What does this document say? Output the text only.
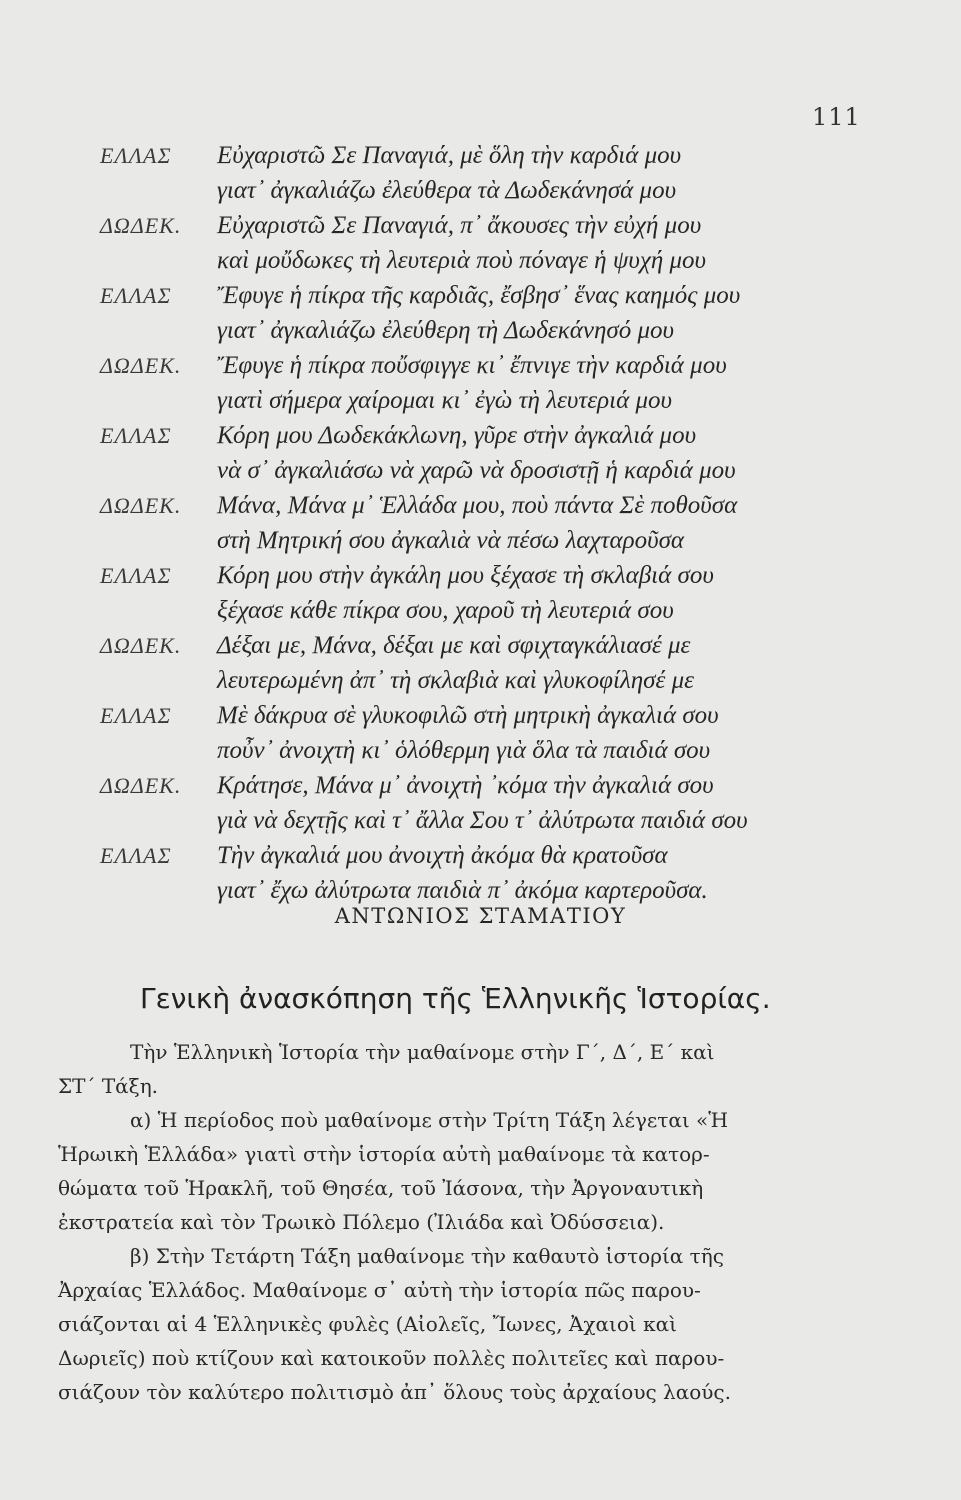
111
ΕΛΛΑΣ	Εὐχαριστῶ Σε Παναγιά, μὲ ὅλη τὴν καρδιά μου
γιατ᾽ ἀγκαλιάζω ἐλεύθερα τὰ Δωδεκάνησά μου
ΔΩΔΕΚ.	Εὐχαριστῶ Σε Παναγιά, π᾽ ἄκουσες τὴν εὐχή μου
καὶ μοὔδωκες τὴ λευτεριὰ ποὺ πόναγε ἡ ψυχή μου
ΕΛΛΑΣ	Ἔφυγε ἡ πίκρα τῆς καρδιᾶς, ἔσβησ᾽ ἕνας καημός μου
γιατ᾽ ἀγκαλιάζω ἐλεύθερη τὴ Δωδεκάνησό μου
ΔΩΔΕΚ.	Ἔφυγε ἡ πίκρα ποὔσφιγγε κι᾽ ἔπνιγε τὴν καρδιά μου
γιατὶ σήμερα χαίρομαι κι᾽ ἐγὼ τὴ λευτεριά μου
ΕΛΛΑΣ	Κόρη μου Δωδεκάκλωνη, γῦρε στὴν ἀγκαλιά μου
νὰ σ᾽ ἀγκαλιάσω νὰ χαρῶ νὰ δροσιστῇ ἡ καρδιά μου
ΔΩΔΕΚ.	Μάνα, Μάνα μ᾽ Ἑλλάδα μου, ποὺ πάντα Σὲ ποθοῦσα
στὴ Μητρική σου ἀγκαλιὰ νὰ πέσω λαχταροῦσα
ΕΛΛΑΣ	Κόρη μου στὴν ἀγκάλη μου ξέχασε τὴ σκλαβιά σου
ξέχασε κάθε πίκρα σου, χαροῦ τὴ λευτεριά σου
ΔΩΔΕΚ.	Δέξαι με, Μάνα, δέξαι με καὶ σφιχταγκάλιασέ με
λευτερωμένη ἀπ᾽ τὴ σκλαβιὰ καὶ γλυκοφίλησέ με
ΕΛΛΑΣ	Μὲ δάκρυα σὲ γλυκοφιλῶ στὴ μητρικὴ ἀγκαλιά σου
ποὖν᾽ ἀνοιχτὴ κι᾽ ὁλόθερμη γιὰ ὅλα τὰ παιδιά σου
ΔΩΔΕΚ.	Κράτησε, Μάνα μ᾽ ἀνοιχτὴ ᾽κόμα τὴν ἀγκαλιά σου
γιὰ νὰ δεχτῇς καὶ τ᾽ ἄλλα Σου τ᾽ ἀλύτρωτα παιδιά σου
ΕΛΛΑΣ	Τὴν ἀγκαλιά μου ἀνοιχτὴ ἀκόμα θὰ κρατοῦσα
γιατ᾽ ἔχω ἀλύτρωτα παιδιὰ π᾽ ἀκόμα καρτεροῦσα.
ΑΝΤΩΝΙΟΣ ΣΤΑΜΑΤΙΟΥ
Γενικὴ ἀνασκόπηση τῆς Ἑλληνικῆς Ἱστορίας.
Τὴν Ἑλληνικὴ Ἱστορία τὴν μαθαίνομε στὴν Γ΄, Δ΄, Ε΄ καὶ
ΣΤ΄ Τάξη.
α) Ἡ περίοδος ποὺ μαθαίνομε στὴν Τρίτη Τάξη λέγεται «Ἡ
Ἡρωικὴ Ἑλλάδα» γιατὶ στὴν ἱστορία αὐτὴ μαθαίνομε τὰ κατορ-
θώματα τοῦ Ἡρακλῆ, τοῦ Θησέα, τοῦ Ἰάσονα, τὴν Ἀργοναυτικὴ
ἐκστρατεία καὶ τὸν Τρωικὸ Πόλεμο (Ἰλιάδα καὶ Ὀδύσσεια).
β) Στὴν Τετάρτη Τάξη μαθαίνομε τὴν καθαυτὸ ἱστορία τῆς
Ἀρχαίας Ἑλλάδος. Μαθαίνομε σ᾽ αὐτὴ τὴν ἱστορία πῶς παρου-
σιάζονται αἱ 4 Ἑλληνικὲς φυλὲς (Αἰολεῖς, Ἴωνες, Ἀχαιοὶ καὶ
Δωριεῖς) ποὺ κτίζουν καὶ κατοικοῦν πολλὲς πολιτεῖες καὶ παρου-
σιάζουν τὸν καλύτερο πολιτισμὸ ἀπ᾽ ὅλους τοὺς ἀρχαίους λαούς.
